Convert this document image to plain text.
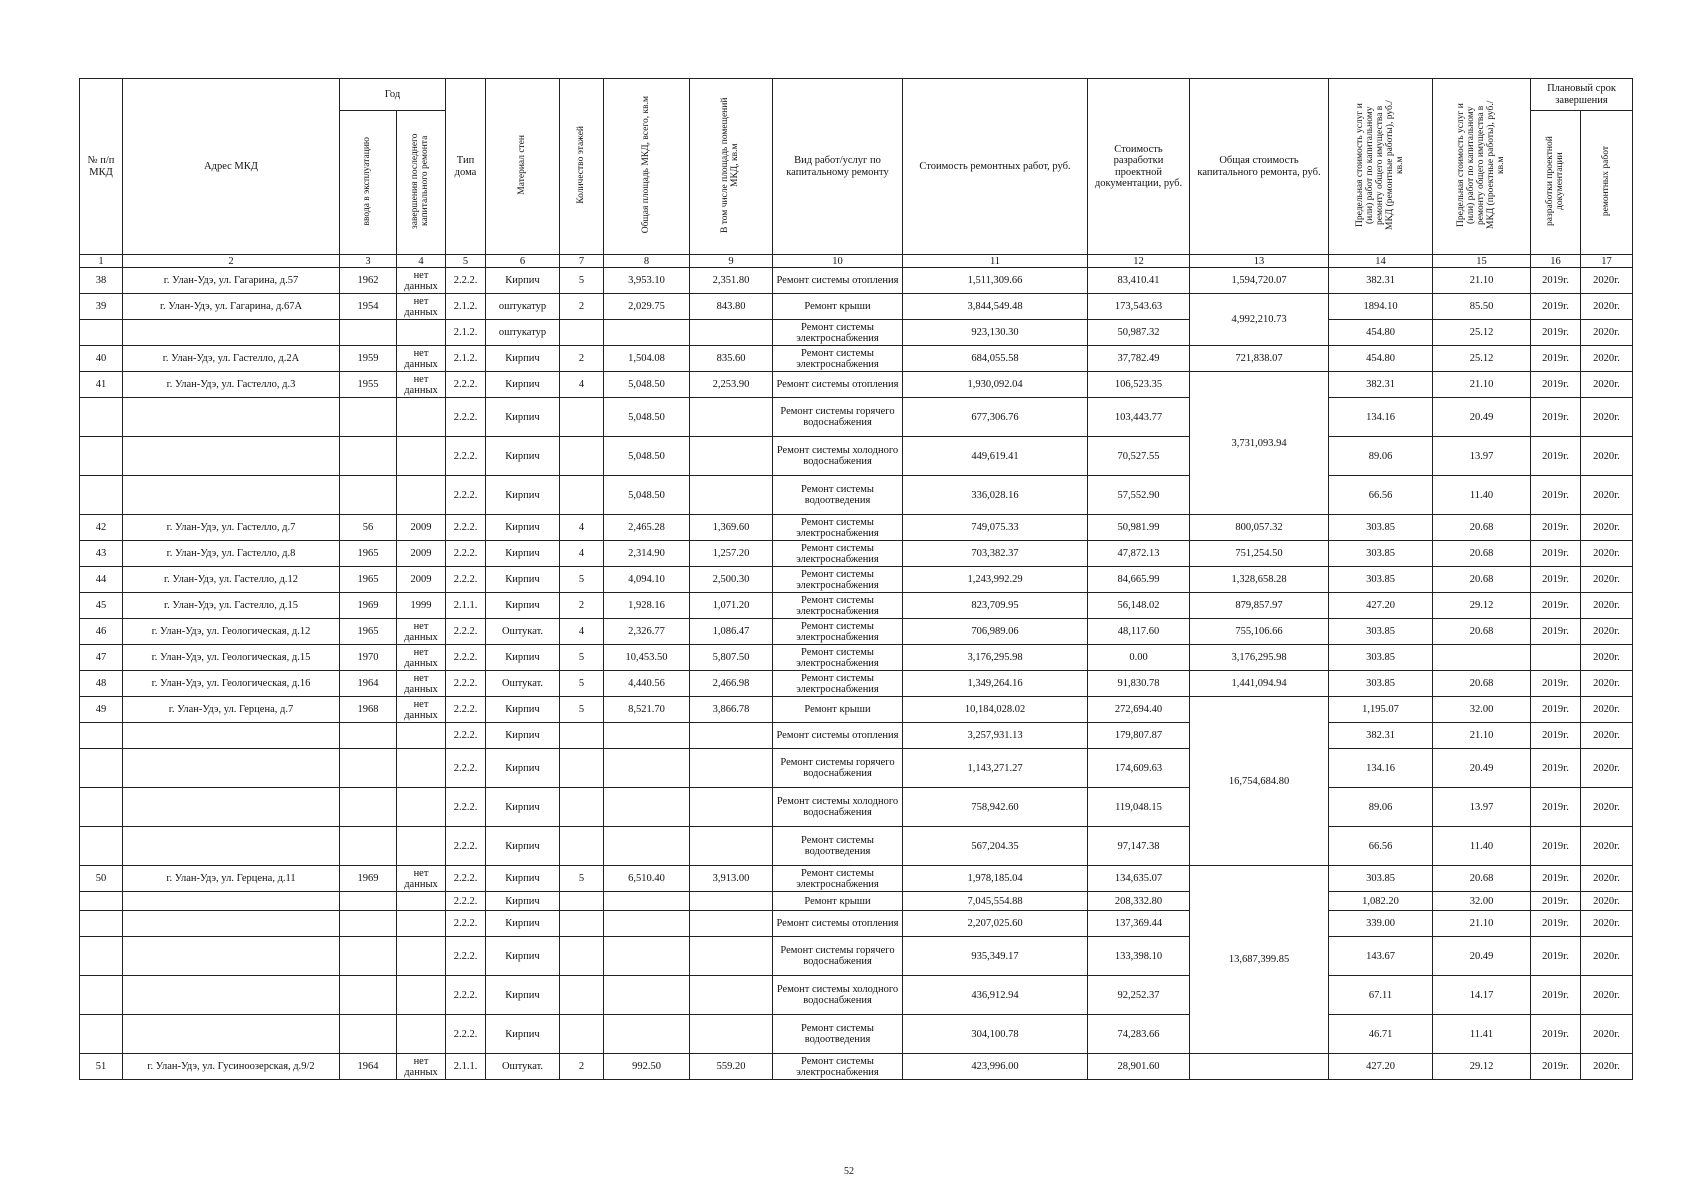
№ п/п МКД	Адрес МКД	Год		Тип дома	Материал стен	Количество этажей	Общая площадь МКД, всего, кв.м	В том числе площадь помещений МКД, кв.м	Вид работ/услуг по капитальному ремонту	Стоимость ремонтных работ, руб.	Стоимость разработки проектной документации, руб.	Общая стоимость капитального ремонта, руб.	Предельная стоимость услуг и (или) работ по капитальному ремонту общего имущества в МКД (ремонтные работы), руб./кв.м	Предельная стоимость услуг и (или) работ по капитальному ремонту общего имущества в МКД (проектные работы), руб./кв.м	Плановый срок завершения	
		ввода в эксплуатацию	завершения последнего капитального ремонта												разработки проектной документации	ремонтных работ
1	2	3	4	5	6	7	8	9	10	11	12	13	14	15	16	17
38	г. Улан-Удэ, ул. Гагарина, д.57	1962	нет данных	2.2.2.	Кирпич	5	3,953.10	2,351.80	Ремонт системы отопления	1,511,309.66	83,410.41	1,594,720.07	382.31	21.10	2019г.	2020г.
39	г. Улан-Удэ, ул. Гагарина, д.67А	1954	нет данных	2.1.2.	оштукатур	2	2,029.75	843.80	Ремонт крыши	3,844,549.48	173,543.63	4,992,210.73	1894.10	85.50	2019г.	2020г.
				2.1.2.	оштукатур				Ремонт системы электроснабжения	923,130.30	50,987.32		454.80	25.12	2019г.	2020г.
40	г. Улан-Удэ, ул. Гастелло, д.2А	1959	нет данных	2.1.2.	Кирпич	2	1,504.08	835.60	Ремонт системы электроснабжения	684,055.58	37,782.49	721,838.07	454.80	25.12	2019г.	2020г.
41	г. Улан-Удэ, ул. Гастелло, д.3	1955	нет данных	2.2.2.	Кирпич	4	5,048.50	2,253.90	Ремонт системы отопления	1,930,092.04	106,523.35	3,731,093.94	382.31	21.10	2019г.	2020г.
				2.2.2.	Кирпич		5,048.50		Ремонт системы горячего водоснабжения	677,306.76	103,443.77		134.16	20.49	2019г.	2020г.
				2.2.2.	Кирпич		5,048.50		Ремонт системы холодного водоснабжения	449,619.41	70,527.55		89.06	13.97	2019г.	2020г.
				2.2.2.	Кирпич		5,048.50		Ремонт системы водоотведения	336,028.16	57,552.90		66.56	11.40	2019г.	2020г.
42	г. Улан-Удэ, ул. Гастелло, д.7	56	2009	2.2.2.	Кирпич	4	2,465.28	1,369.60	Ремонт системы электроснабжения	749,075.33	50,981.99	800,057.32	303.85	20.68	2019г.	2020г.
43	г. Улан-Удэ, ул. Гастелло, д.8	1965	2009	2.2.2.	Кирпич	4	2,314.90	1,257.20	Ремонт системы электроснабжения	703,382.37	47,872.13	751,254.50	303.85	20.68	2019г.	2020г.
44	г. Улан-Удэ, ул. Гастелло, д.12	1965	2009	2.2.2.	Кирпич	5	4,094.10	2,500.30	Ремонт системы электроснабжения	1,243,992.29	84,665.99	1,328,658.28	303.85	20.68	2019г.	2020г.
45	г. Улан-Удэ, ул. Гастелло, д.15	1969	1999	2.1.1.	Кирпич	2	1,928.16	1,071.20	Ремонт системы электроснабжения	823,709.95	56,148.02	879,857.97	427.20	29.12	2019г.	2020г.
46	г. Улан-Удэ, ул. Геологическая, д.12	1965	нет данных	2.2.2.	Оштукат.	4	2,326.77	1,086.47	Ремонт системы электроснабжения	706,989.06	48,117.60	755,106.66	303.85	20.68	2019г.	2020г.
47	г. Улан-Удэ, ул. Геологическая, д.15	1970	нет данных	2.2.2.	Кирпич	5	10,453.50	5,807.50	Ремонт системы электроснабжения	3,176,295.98	0.00	3,176,295.98	303.85			2020г.
48	г. Улан-Удэ, ул. Геологическая, д.16	1964	нет данных	2.2.2.	Оштукат.	5	4,440.56	2,466.98	Ремонт системы электроснабжения	1,349,264.16	91,830.78	1,441,094.94	303.85	20.68	2019г.	2020г.
49	г. Улан-Удэ, ул. Герцена, д.7	1968	нет данных	2.2.2.	Кирпич	5	8,521.70	3,866.78	Ремонт крыши	10,184,028.02	272,694.40	16,754,684.80	1,195.07	32.00	2019г.	2020г.
				2.2.2.	Кирпич				Ремонт системы отопления	3,257,931.13	179,807.87		382.31	21.10	2019г.	2020г.
				2.2.2.	Кирпич				Ремонт системы горячего водоснабжения	1,143,271.27	174,609.63		134.16	20.49	2019г.	2020г.
				2.2.2.	Кирпич				Ремонт системы холодного водоснабжения	758,942.60	119,048.15		89.06	13.97	2019г.	2020г.
				2.2.2.	Кирпич				Ремонт системы водоотведения	567,204.35	97,147.38		66.56	11.40	2019г.	2020г.
50	г. Улан-Удэ, ул. Герцена, д.11	1969	нет данных	2.2.2.	Кирпич	5	6,510.40	3,913.00	Ремонт системы электроснабжения	1,978,185.04	134,635.07	13,687,399.85	303.85	20.68	2019г.	2020г.
				2.2.2.	Кирпич				Ремонт крыши	7,045,554.88	208,332.80		1,082.20	32.00	2019г.	2020г.
				2.2.2.	Кирпич				Ремонт системы отопления	2,207,025.60	137,369.44		339.00	21.10	2019г.	2020г.
				2.2.2.	Кирпич				Ремонт системы горячего водоснабжения	935,349.17	133,398.10		143.67	20.49	2019г.	2020г.
				2.2.2.	Кирпич				Ремонт системы холодного водоснабжения	436,912.94	92,252.37		67.11	14.17	2019г.	2020г.
				2.2.2.	Кирпич				Ремонт системы водоотведения	304,100.78	74,283.66		46.71	11.41	2019г.	2020г.
51	г. Улан-Удэ, ул. Гусиноозерская, д.9/2	1964	нет данных	2.1.1.	Оштукат.	2	992.50	559.20	Ремонт системы электроснабжения	423,996.00	28,901.60		427.20	29.12	2019г.	2020г.
52
